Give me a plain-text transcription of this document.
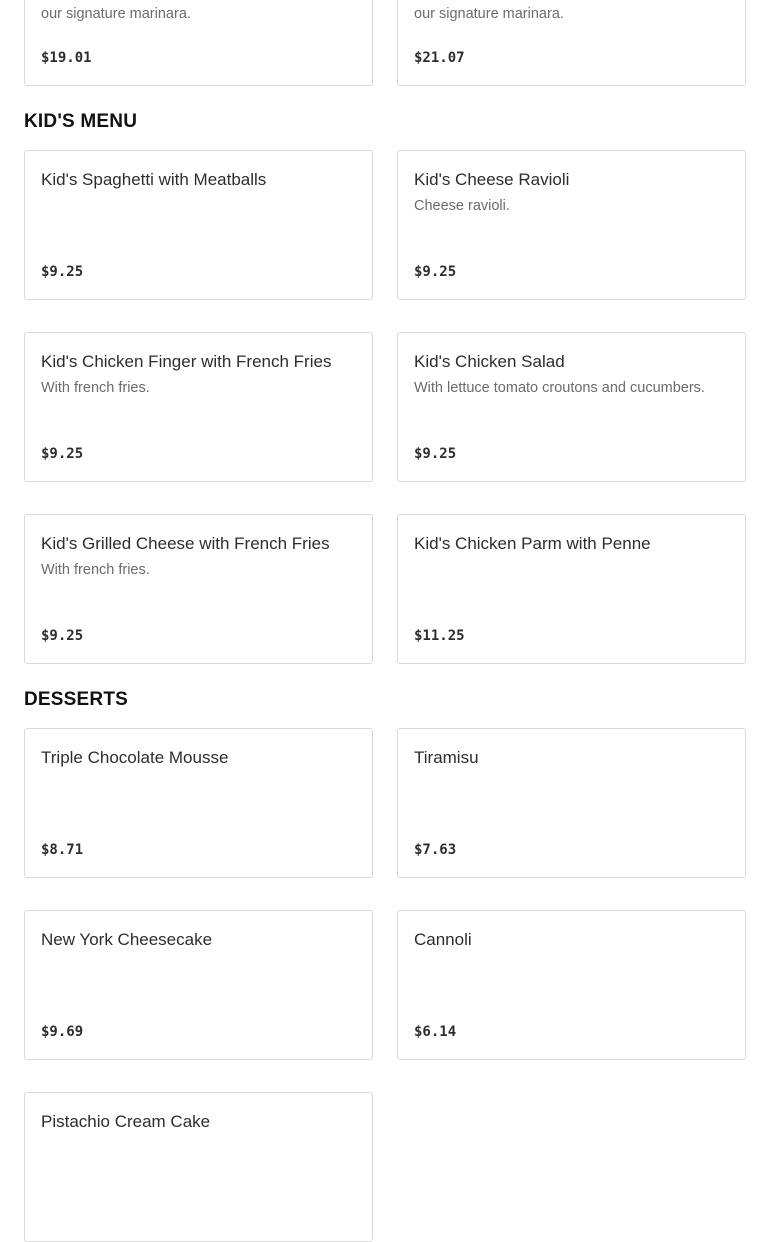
our signature marinara.
$19.01
our signature marinara.
$21.07
KID'S MENU
Kid's Spaghetti with Meatballs
$9.25
Kid's Cheese Ravioli
Cheese ravioli.
$9.25
Kid's Chicken Finger with French Fries
With french fries.
$9.25
Kid's Chicken Salad
With lettuce tomato croutons and cucumbers.
$9.25
Kid's Grilled Cheese with French Fries
With french fries.
$9.25
Kid's Chicken Parm with Penne
$11.25
DESSERTS
Triple Chocolate Mousse
$8.71
Tiramisu
$7.63
New York Cheesecake
$9.69
Cannoli
$6.14
Pistachio Cream Cake
